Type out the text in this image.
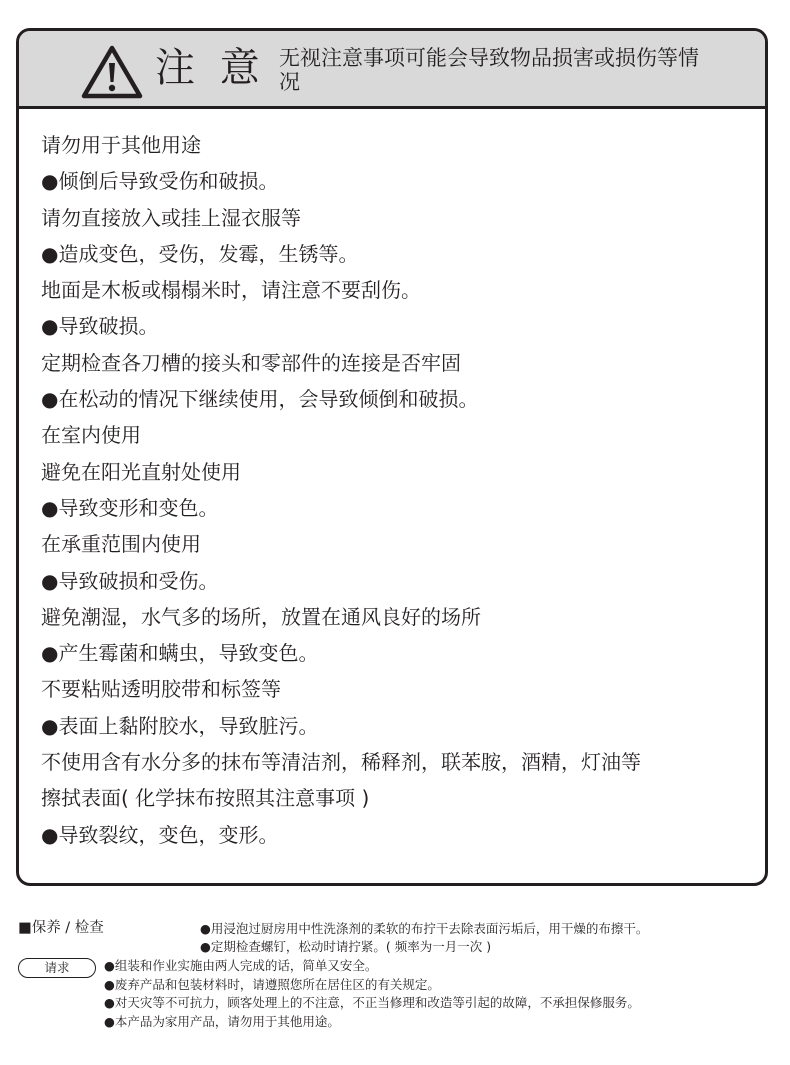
注 意 无视注意事项可能会导致物品损害或损伤等情况
请勿用于其他用途
●倾倒后导致受伤和破损。
请勿直接放入或挂上湿衣服等
●造成变色，受伤，发霉，生锈等。
地面是木板或榻榻米时，请注意不要刮伤。
●导致破损。
定期检查各刀槽的接头和零部件的连接是否牢固
●在松动的情况下继续使用，会导致倾倒和破损。
在室内使用
避免在阳光直射处使用
●导致变形和变色。
在承重范围内使用
●导致破损和受伤。
避免潮湿，水气多的场所，放置在通风良好的场所
●产生霉菌和螨虫，导致变色。
不要粘贴透明胶带和标签等
●表面上黏附胶水，导致脏污。
不使用含有水分多的抹布等清洁剂，稀释剂，联苯胺，酒精，灯油等
擦拭表面( 化学抹布按照其注意事项 )
●导致裂纹，变色，变形。
■保养 / 检查	●用浸泡过厨房用中性洗涤剂的柔软的布拧干去除表面污垢后，用干燥的布擦干。
●定期检查螺钉，松动时请拧紧。( 频率为一月一次 )
请求	●组装和作业实施由两人完成的话，简单又安全。
●废弃产品和包装材料时，请遵照您所在居住区的有关规定。
●对天灾等不可抗力，顾客处理上的不注意，不正当修理和改造等引起的故障，不承担保修服务。
●本产品为家用产品，请勿用于其他用途。
